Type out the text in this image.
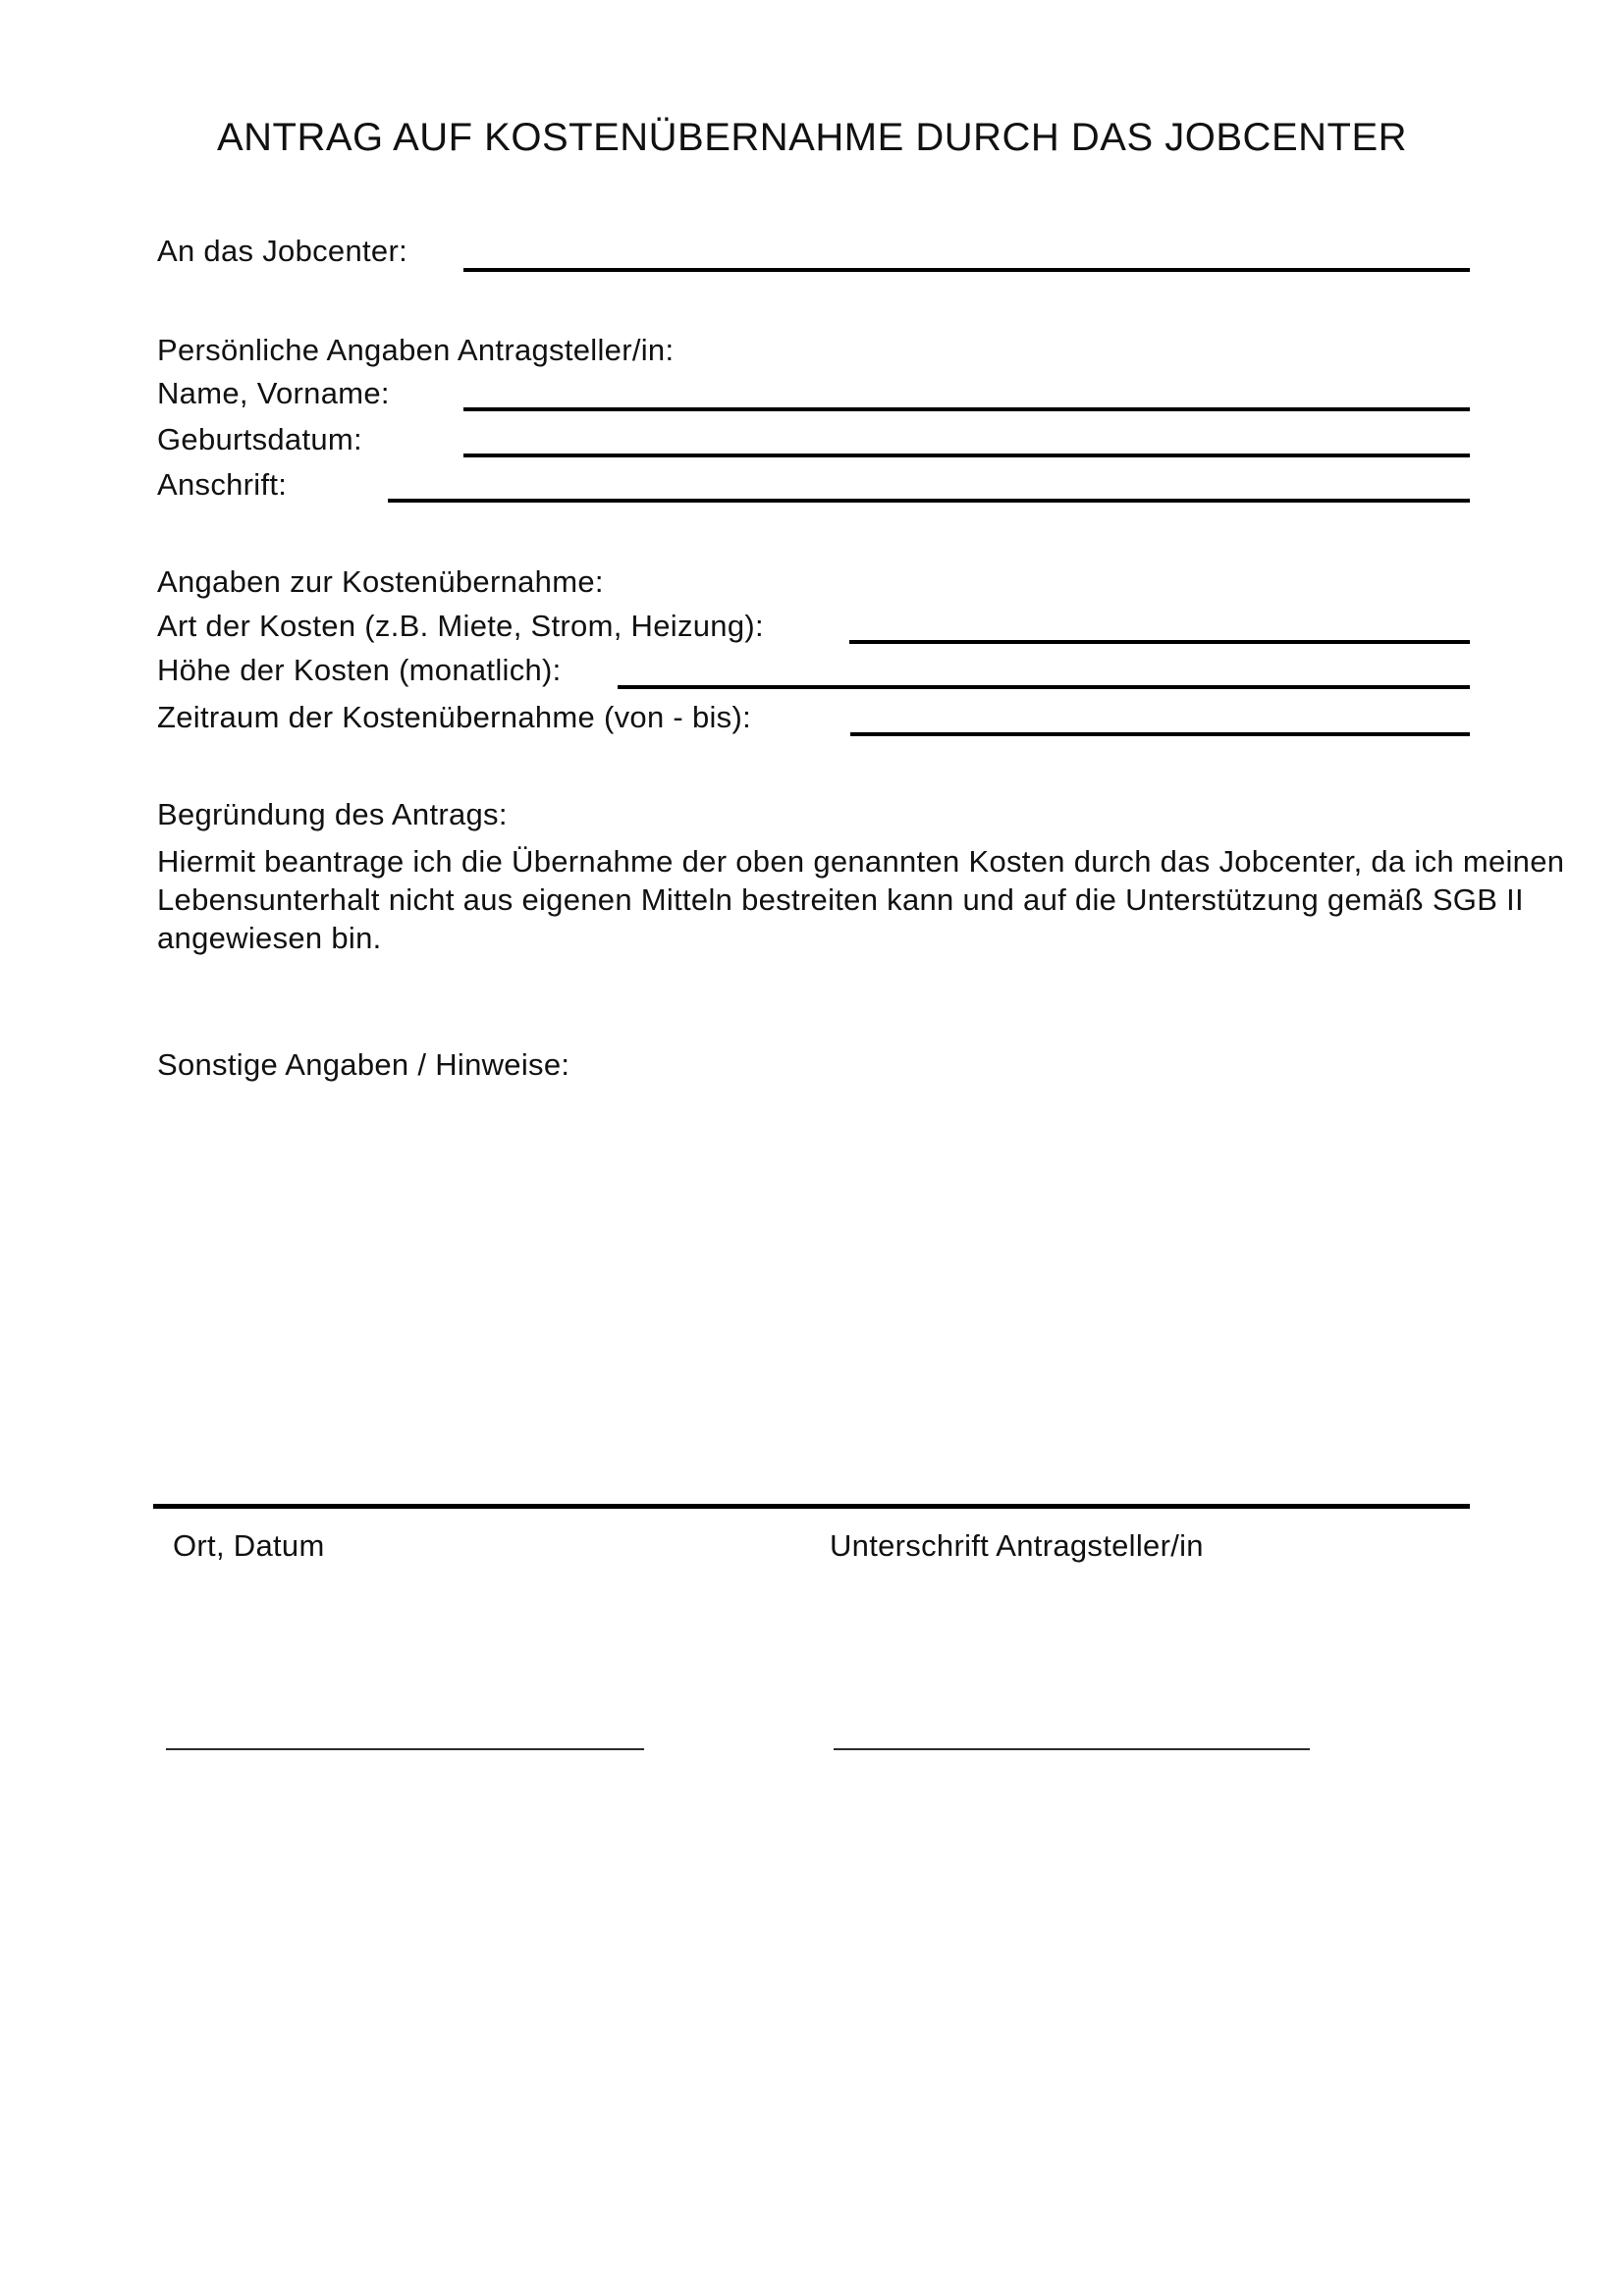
ANTRAG AUF KOSTENÜBERNAHME DURCH DAS JOBCENTER
An das Jobcenter:
Persönliche Angaben Antragsteller/in:
Name, Vorname:
Geburtsdatum:
Anschrift:
Angaben zur Kostenübernahme:
Art der Kosten (z.B. Miete, Strom, Heizung):
Höhe der Kosten (monatlich):
Zeitraum der Kostenübernahme (von - bis):
Begründung des Antrags:
Hiermit beantrage ich die Übernahme der oben genannten Kosten durch das Jobcenter, da ich meinen
Lebensunterhalt nicht aus eigenen Mitteln bestreiten kann und auf die Unterstützung gemäß SGB II
angewiesen bin.
Sonstige Angaben / Hinweise:
Ort, Datum	Unterschrift Antragsteller/in
